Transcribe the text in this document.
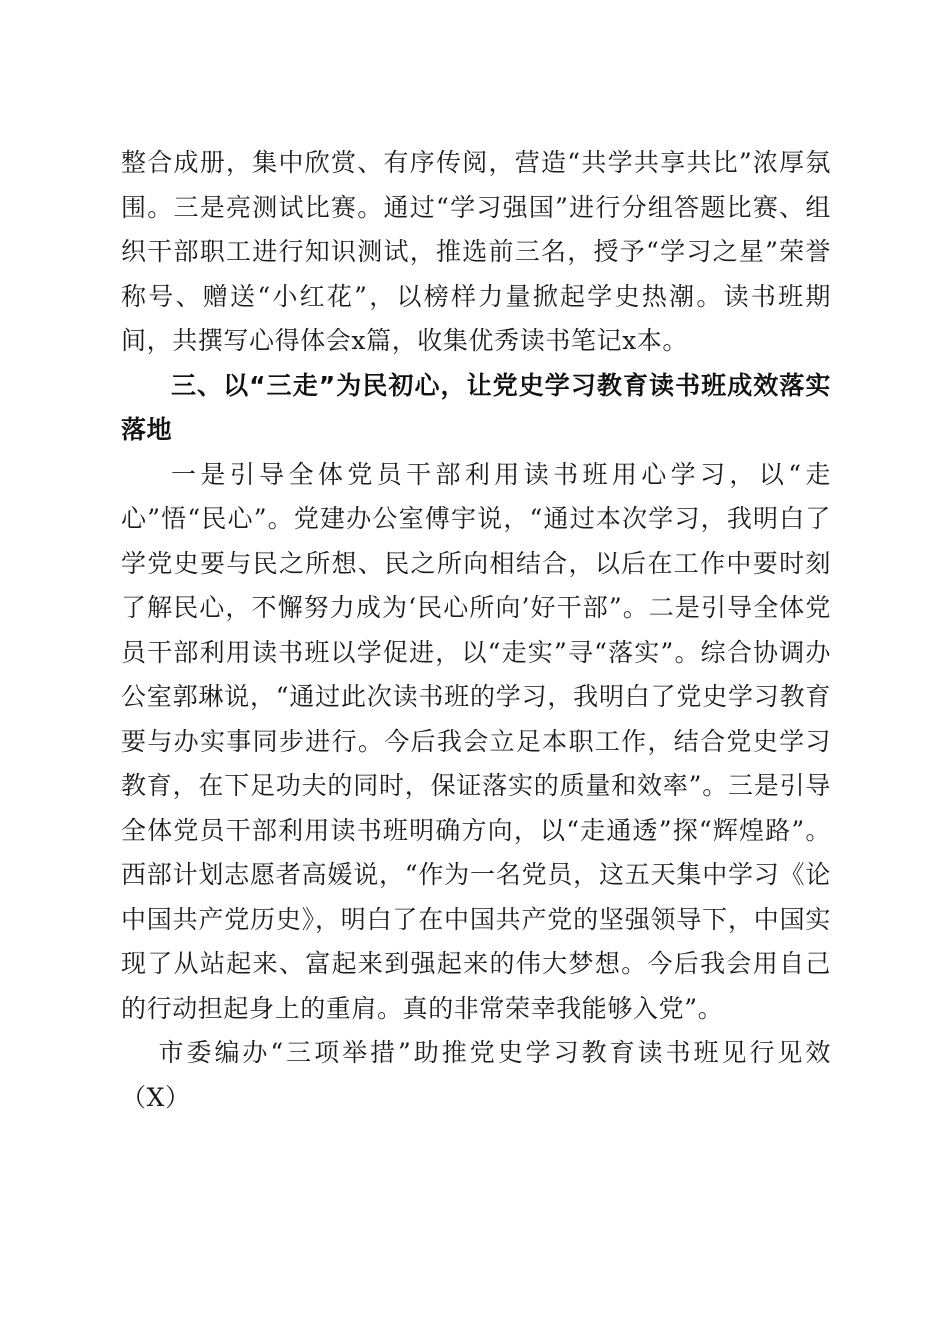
整合成册，集中欣赏、有序传阅，营造“共学共享共比”浓厚氛围。三是亮测试比赛。通过“学习强国”进行分组答题比赛、组织干部职工进行知识测试，推选前三名，授予“学习之星”荣誉称号、赠送“小红花”，以榜样力量掀起学史热潮。读书班期间，共撰写心得体会x篇，收集优秀读书笔记x本。

三、以“三走”为民初心，让党史学习教育读书班成效落实落地

一是引导全体党员干部利用读书班用心学习，以“走心”悟“民心”。党建办公室傅宇说，“通过本次学习，我明白了学党史要与民之所想、民之所向相结合，以后在工作中要时刻了解民心，不懈努力成为‘民心所向’好干部”。二是引导全体党员干部利用读书班以学促进，以“走实”寻“落实”。综合协调办公室郭琳说，“通过此次读书班的学习，我明白了党史学习教育要与办实事同步进行。今后我会立足本职工作，结合党史学习教育，在下足功夫的同时，保证落实的质量和效率”。三是引导全体党员干部利用读书班明确方向，以“走通透”探“辉煌路”。西部计划志愿者高媛说，“作为一名党员，这五天集中学习《论中国共产党历史》，明白了在中国共产党的坚强领导下，中国实现了从站起来、富起来到强起来的伟大梦想。今后我会用自己的行动担起身上的重肩。真的非常荣幸我能够入党”。

市委编办“三项举措”助推党史学习教育读书班见行见效（X）
